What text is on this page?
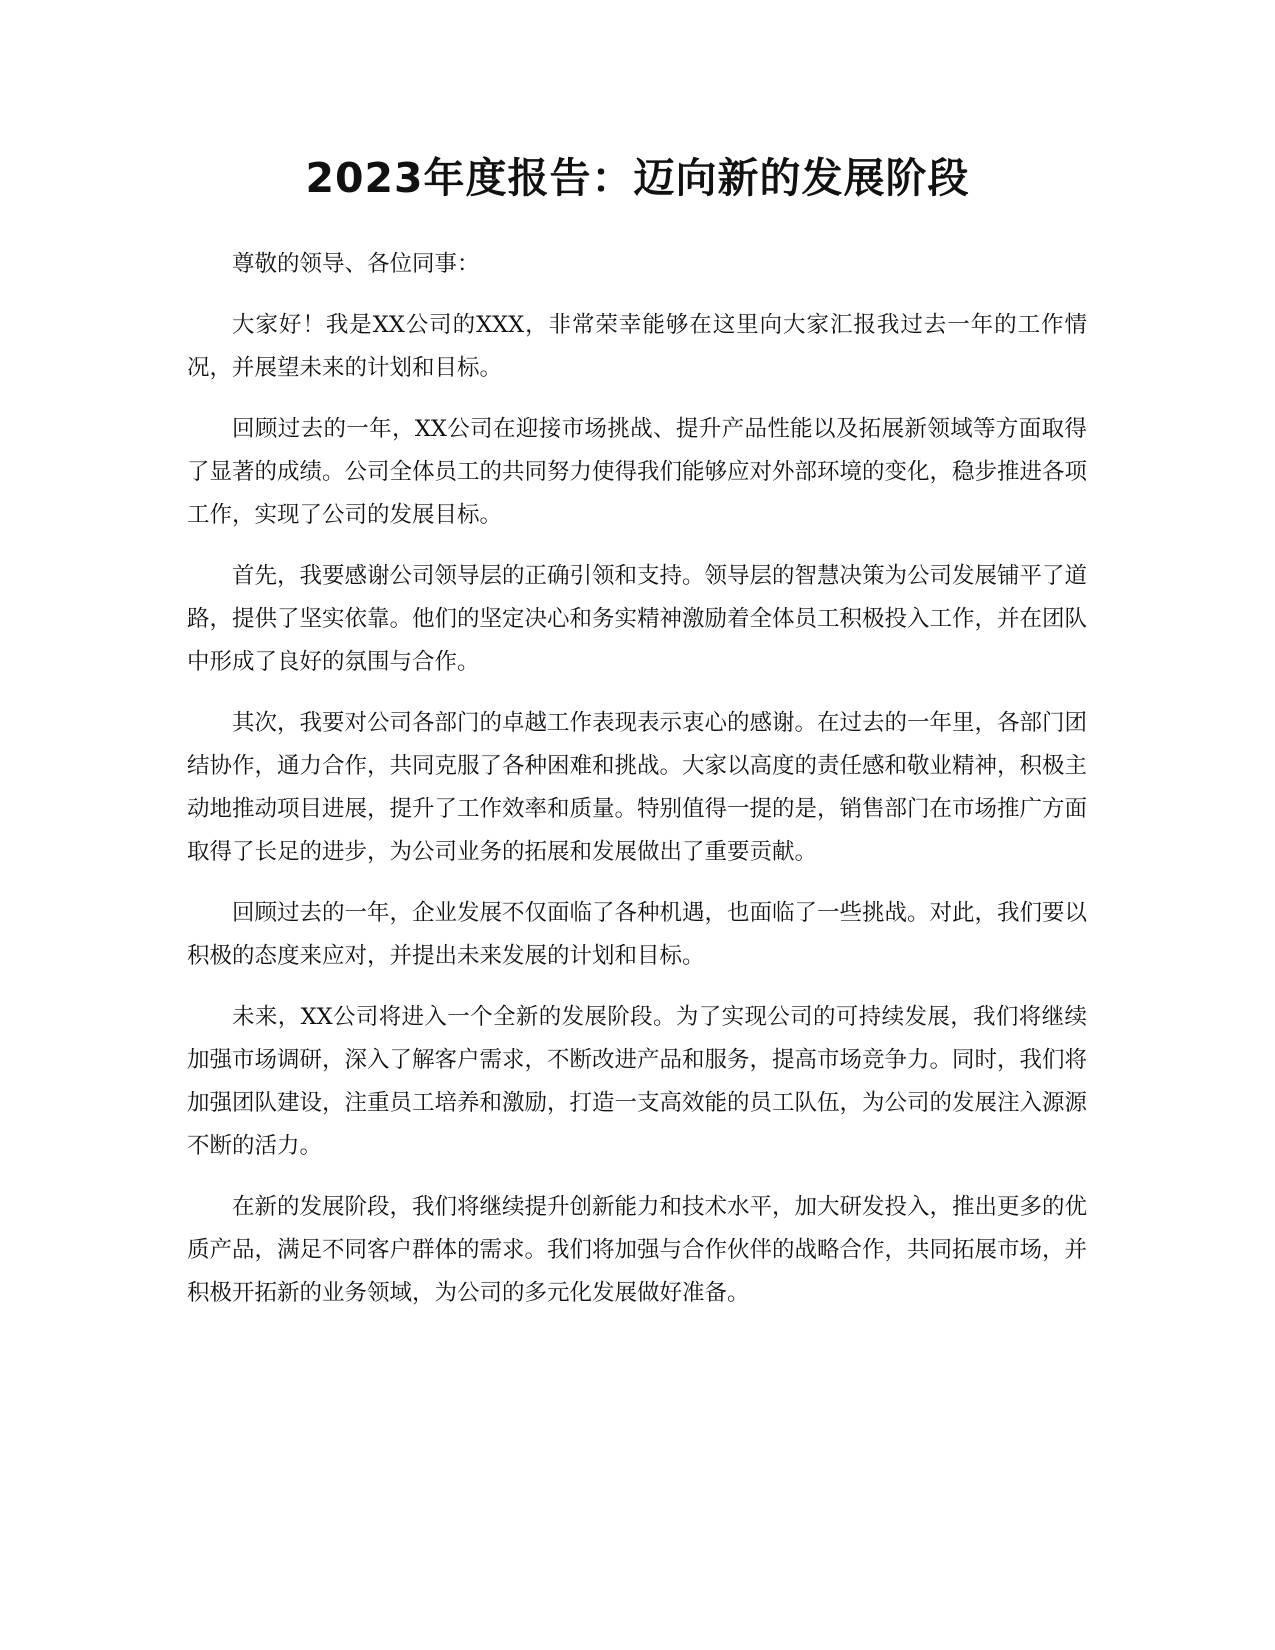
2023年度报告：迈向新的发展阶段

尊敬的领导、各位同事：

大家好！我是XX公司的XXX，非常荣幸能够在这里向大家汇报我过去一年的工作情况，并展望未来的计划和目标。

回顾过去的一年，XX公司在迎接市场挑战、提升产品性能以及拓展新领域等方面取得了显著的成绩。公司全体员工的共同努力使得我们能够应对外部环境的变化，稳步推进各项工作，实现了公司的发展目标。

首先，我要感谢公司领导层的正确引领和支持。领导层的智慧决策为公司发展铺平了道路，提供了坚实依靠。他们的坚定决心和务实精神激励着全体员工积极投入工作，并在团队中形成了良好的氛围与合作。

其次，我要对公司各部门的卓越工作表现表示衷心的感谢。在过去的一年里，各部门团结协作，通力合作，共同克服了各种困难和挑战。大家以高度的责任感和敬业精神，积极主动地推动项目进展，提升了工作效率和质量。特别值得一提的是，销售部门在市场推广方面取得了长足的进步，为公司业务的拓展和发展做出了重要贡献。

回顾过去的一年，企业发展不仅面临了各种机遇，也面临了一些挑战。对此，我们要以积极的态度来应对，并提出未来发展的计划和目标。

未来，XX公司将进入一个全新的发展阶段。为了实现公司的可持续发展，我们将继续加强市场调研，深入了解客户需求，不断改进产品和服务，提高市场竞争力。同时，我们将加强团队建设，注重员工培养和激励，打造一支高效能的员工队伍，为公司的发展注入源源不断的活力。

在新的发展阶段，我们将继续提升创新能力和技术水平，加大研发投入，推出更多的优质产品，满足不同客户群体的需求。我们将加强与合作伙伴的战略合作，共同拓展市场，并积极开拓新的业务领域，为公司的多元化发展做好准备。
